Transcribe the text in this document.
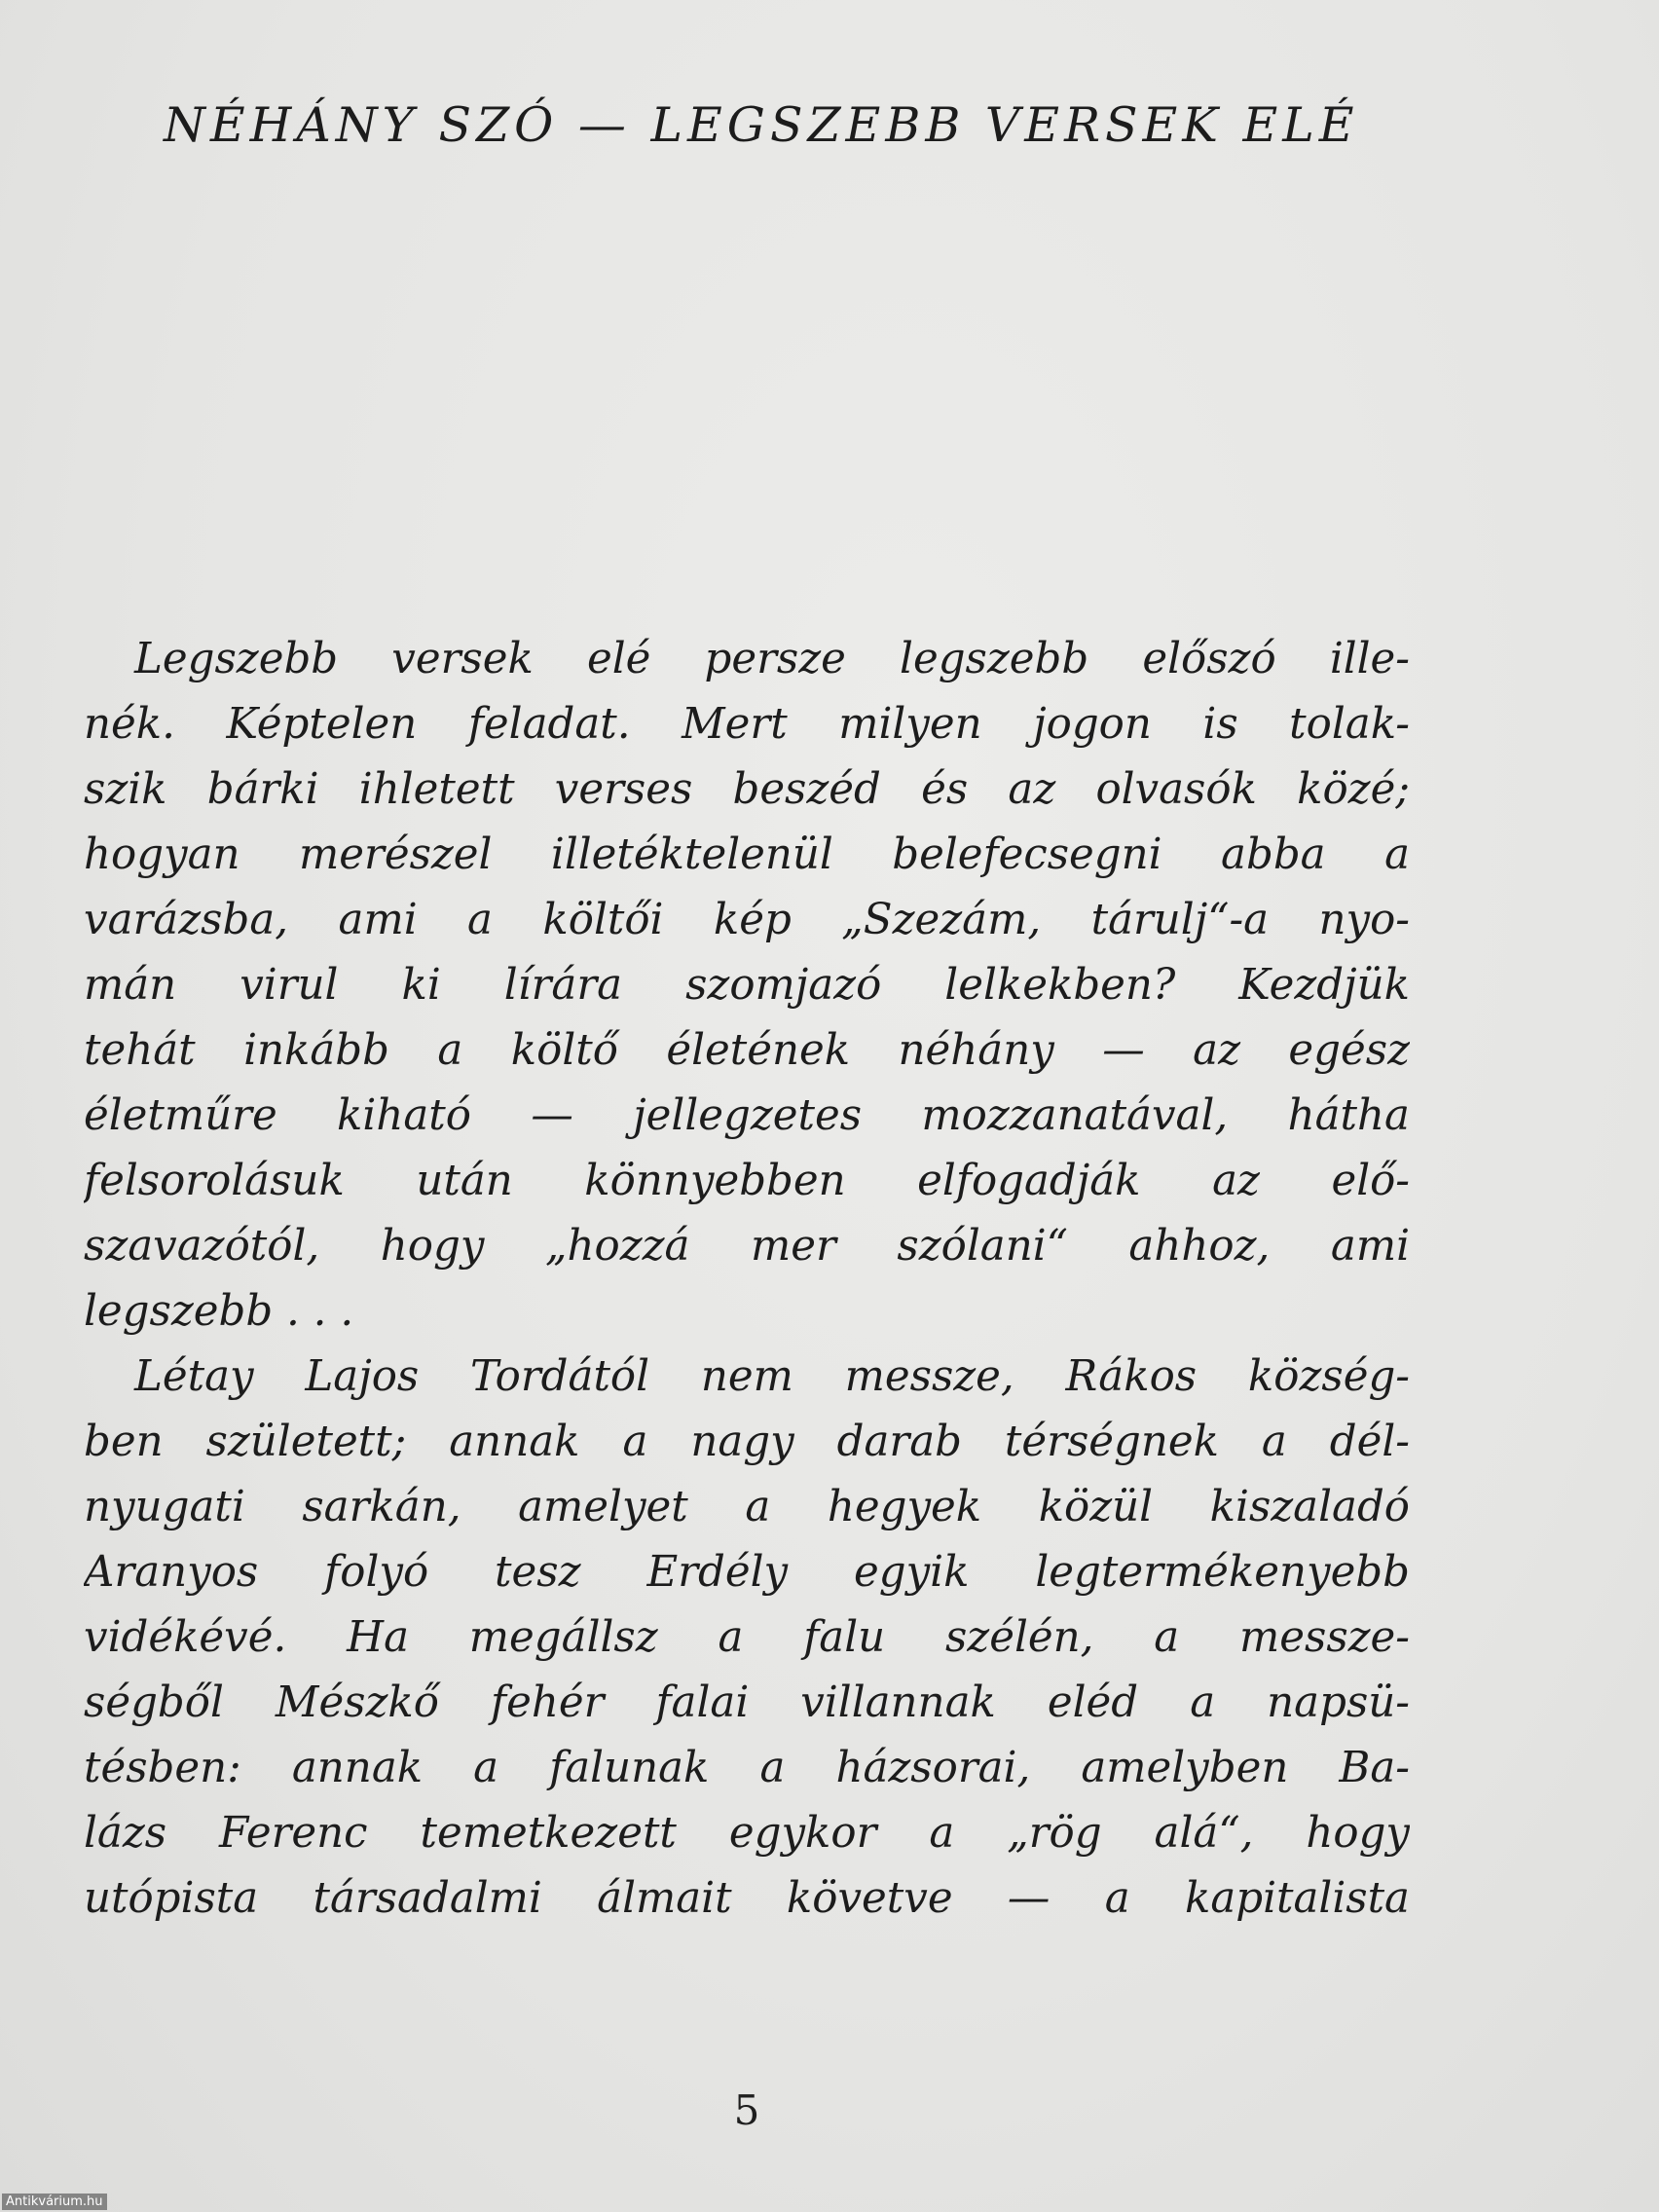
NÉHÁNY SZÓ — LEGSZEBB VERSEK ELÉ
Legszebb versek elé persze legszebb előszó ille-
nék. Képtelen feladat. Mert milyen jogon is tolak-
szik bárki ihletett verses beszéd és az olvasók közé;
hogyan merészel illetéktelenül belefecsegni abba a
varázsba, ami a költői kép „Szezám, tárulj“-a nyo-
mán virul ki lírára szomjazó lelkekben? Kezdjük
tehát inkább a költő életének néhány — az egész
életműre kiható — jellegzetes mozzanatával, hátha
felsorolásuk után könnyebben elfogadják az elő-
szavazótól, hogy „hozzá mer szólani“ ahhoz, ami
legszebb . . .
Létay Lajos Tordától nem messze, Rákos község-
ben született; annak a nagy darab térségnek a dél-
nyugati sarkán, amelyet a hegyek közül kiszaladó
Aranyos folyó tesz Erdély egyik legtermékenyebb
vidékévé. Ha megállsz a falu szélén, a messze-
ségből Mészkő fehér falai villannak eléd a napsü-
tésben: annak a falunak a házsorai, amelyben Ba-
lázs Ferenc temetkezett egykor a „rög alá“, hogy
utópista társadalmi álmait követve — a kapitalista

5

Antikvárium.hu
